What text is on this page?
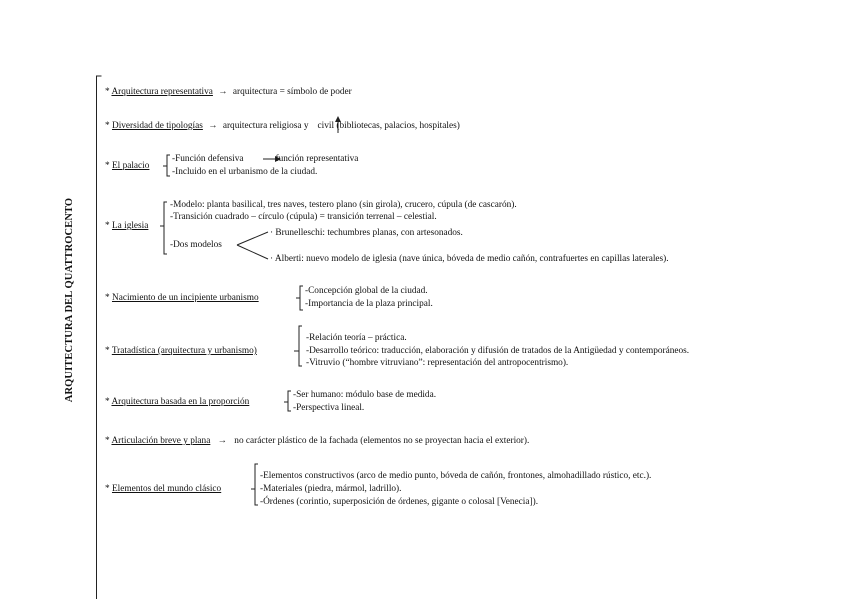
ARQUITECTURA DEL QUATTROCENTO
* Arquitectura representativa → arquitectura = símbolo de poder
* Diversidad de tipologías → arquitectura religiosa y civil (bibliotecas, palacios, hospitales)
* El palacio
-Función defensiva	función representativa
-Incluido en el urbanismo de la ciudad.
* La iglesia
-Modelo: planta basilical, tres naves, testero plano (sin girola), crucero, cúpula (de cascarón).
-Transición cuadrado – círculo (cúpula) = transición terrenal – celestial.
-Dos modelos
· Brunelleschi: techumbres planas, con artesonados.
· Alberti: nuevo modelo de iglesia (nave única, bóveda de medio cañón, contrafuertes en capillas laterales).
* Nacimiento de un incipiente urbanismo
-Concepción global de la ciudad.
-Importancia de la plaza principal.
* Tratadística (arquitectura y urbanismo)
-Relación teoría – práctica.
-Desarrollo teórico: traducción, elaboración y difusión de tratados de la Antigüedad y contemporáneos.
-Vitruvio (“hombre vitruviano”: representación del antropocentrismo).
* Arquitectura basada en la proporción
-Ser humano: módulo base de medida.
-Perspectiva lineal.
* Articulación breve y plana → no carácter plástico de la fachada (elementos no se proyectan hacia el exterior).
* Elementos del mundo clásico
-Elementos constructivos (arco de medio punto, bóveda de cañón, frontones, almohadillado rústico, etc.).
-Materiales (piedra, mármol, ladrillo).
-Órdenes (corintio, superposición de órdenes, gigante o colosal [Venecia]).
